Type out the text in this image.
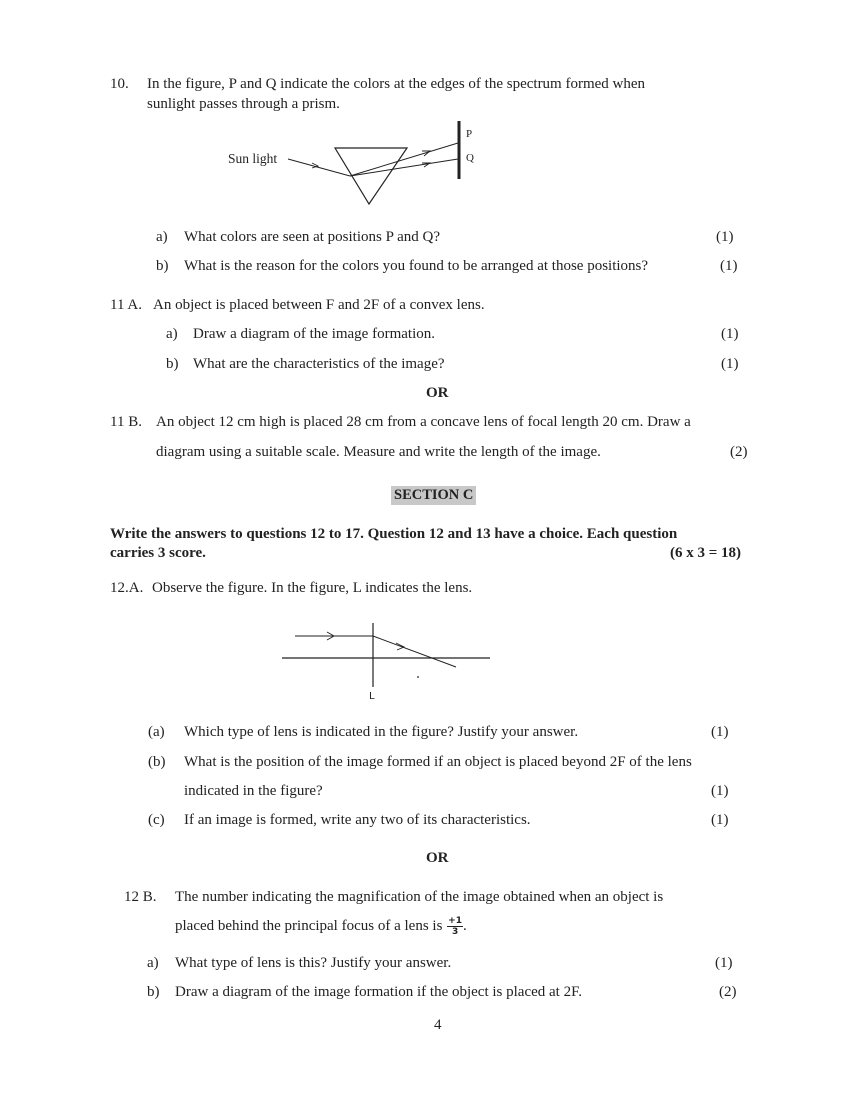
10. In the figure, P and Q indicate the colors at the edges of the spectrum formed when
sunlight passes through a prism.
Sun light
P
Q
a) What colors are seen at positions P and Q?	(1)
b) What is the reason for the colors you found to be arranged at those positions?	(1)
11 A. An object is placed between F and 2F of a convex lens.
a) Draw a diagram of the image formation.	(1)
b) What are the characteristics of the image?	(1)
OR
11 B. An object 12 cm high is placed 28 cm from a concave lens of focal length 20 cm. Draw a
diagram using a suitable scale. Measure and write the length of the image.	(2)
SECTION C
Write the answers to questions 12 to 17. Question 12 and 13 have a choice. Each question
carries 3 score.	(6 x 3 = 18)
12.A. Observe the figure. In the figure, L indicates the lens.
L
(a) Which type of lens is indicated in the figure? Justify your answer.	(1)
(b) What is the position of the image formed if an object is placed beyond 2F of the lens
indicated in the figure?	(1)
(c) If an image is formed, write any two of its characteristics.	(1)
OR
12 B. The number indicating the magnification of the image obtained when an object is
placed behind the principal focus of a lens is $\frac{+1}{3}$ .
a) What type of lens is this? Justify your answer.	(1)
b) Draw a diagram of the image formation if the object is placed at 2F.	(2)
4
